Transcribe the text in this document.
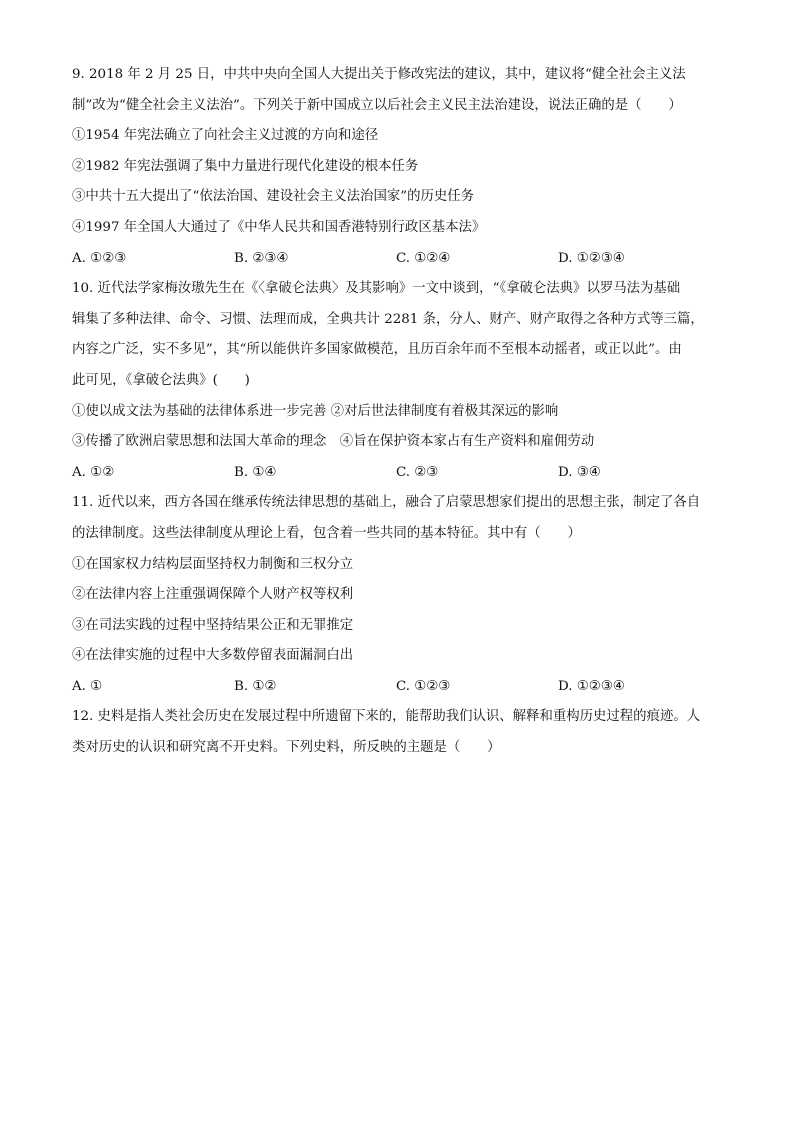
9. 2018 年 2 月 25 日，中共中央向全国人大提出关于修改宪法的建议，其中，建议将“健全社会主义法

制”改为“健全社会主义法治”。下列关于新中国成立以后社会主义民主法治建设，说法正确的是（　　）

①1954 年宪法确立了向社会主义过渡的方向和途径

②1982 年宪法强调了集中力量进行现代化建设的根本任务

③中共十五大提出了“依法治国、建设社会主义法治国家”的历史任务

④1997 年全国人大通过了《中华人民共和国香港特别行政区基本法》

A. ①②③	B. ②③④	C. ①②④	D. ①②③④

10. 近代法学家梅汝璈先生在《〈拿破仑法典〉及其影响》一文中谈到，“《拿破仑法典》以罗马法为基础

辑集了多种法律、命令、习惯、法理而成，全典共计 2281 条，分人、财产、财产取得之各种方式等三篇，

内容之广泛，实不多见”，其“所以能供许多国家做模范，且历百余年而不至根本动摇者，或正以此”。由

此可见，《拿破仑法典》(　　)

①使以成文法为基础的法律体系进一步完善 ②对后世法律制度有着极其深远的影响

③传播了欧洲启蒙思想和法国大革命的理念　④旨在保护资本家占有生产资料和雇佣劳动

A. ①②	B. ①④	C. ②③	D. ③④

11. 近代以来，西方各国在继承传统法律思想的基础上，融合了启蒙思想家们提出的思想主张，制定了各自

的法律制度。这些法律制度从理论上看，包含着一些共同的基本特征。其中有（　　）

①在国家权力结构层面坚持权力制衡和三权分立

②在法律内容上注重强调保障个人财产权等权利

③在司法实践的过程中坚持结果公正和无罪推定

④在法律实施的过程中大多数停留表面漏洞白出

A. ①	B. ①②	C. ①②③	D. ①②③④

12. 史料是指人类社会历史在发展过程中所遗留下来的，能帮助我们认识、解释和重构历史过程的痕迹。人

类对历史的认识和研究离不开史料。下列史料，所反映的主题是（　　）
